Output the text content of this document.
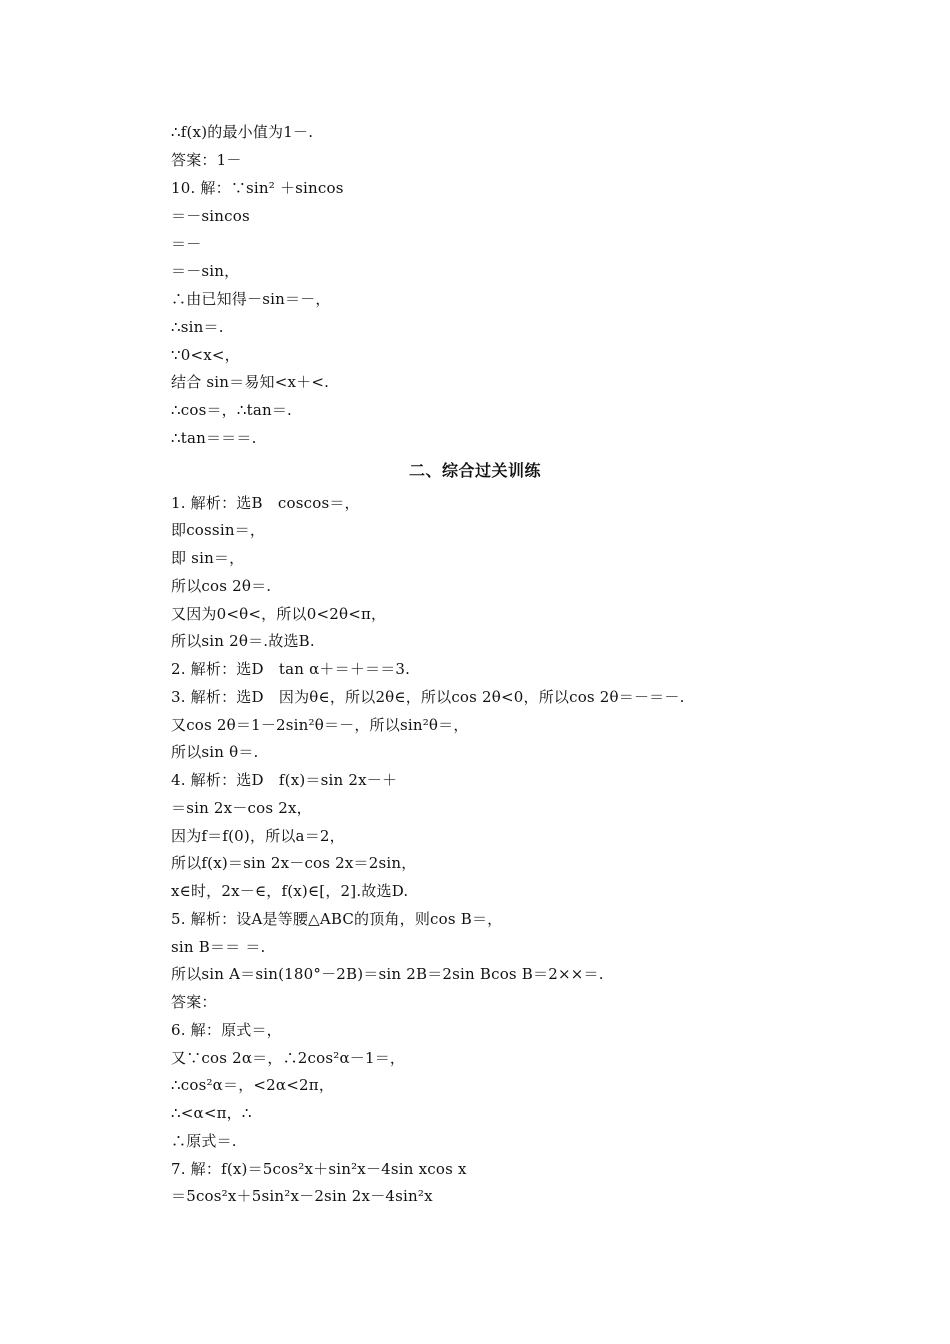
∴f(x)的最小值为1－.
答案：1－
10. 解：∵sin² ＋sincos
＝－sincos
＝－
＝－sin，
∴由已知得－sin＝－，
∴sin＝.
∵0<x<，
结合 sin＝易知<x＋<.
∴cos＝，∴tan＝.
∴tan＝＝＝.
二、综合过关训练
1. 解析：选B　coscos＝，
即cossin＝，
即 sin＝，
所以cos 2θ＝.
又因为0<θ<，所以0<2θ<π，
所以sin 2θ＝.故选B.
2. 解析：选D　tan α＋＝＋＝＝3.
3. 解析：选D　因为θ∈，所以2θ∈，所以cos 2θ<0，所以cos 2θ＝－＝－.
又cos 2θ＝1－2sin²θ＝－，所以sin²θ＝，
所以sin θ＝.
4. 解析：选D　f(x)＝sin 2x－＋
＝sin 2x－cos 2x，
因为f＝f(0)，所以a＝2，
所以f(x)＝sin 2x－cos 2x＝2sin，
x∈时，2x－∈，f(x)∈[，2].故选D.
5. 解析：设A是等腰△ABC的顶角，则cos B＝，
sin B＝＝ ＝.
所以sin A＝sin(180°－2B)＝sin 2B＝2sin Bcos B＝2××＝.
答案：
6. 解：原式＝，
又∵cos 2α＝，∴2cos²α－1＝，
∴cos²α＝，<2α<2π，
∴<α<π，∴
∴原式＝.
7. 解：f(x)＝5cos²x＋sin²x－4sin xcos x
＝5cos²x＋5sin²x－2sin 2x－4sin²x
